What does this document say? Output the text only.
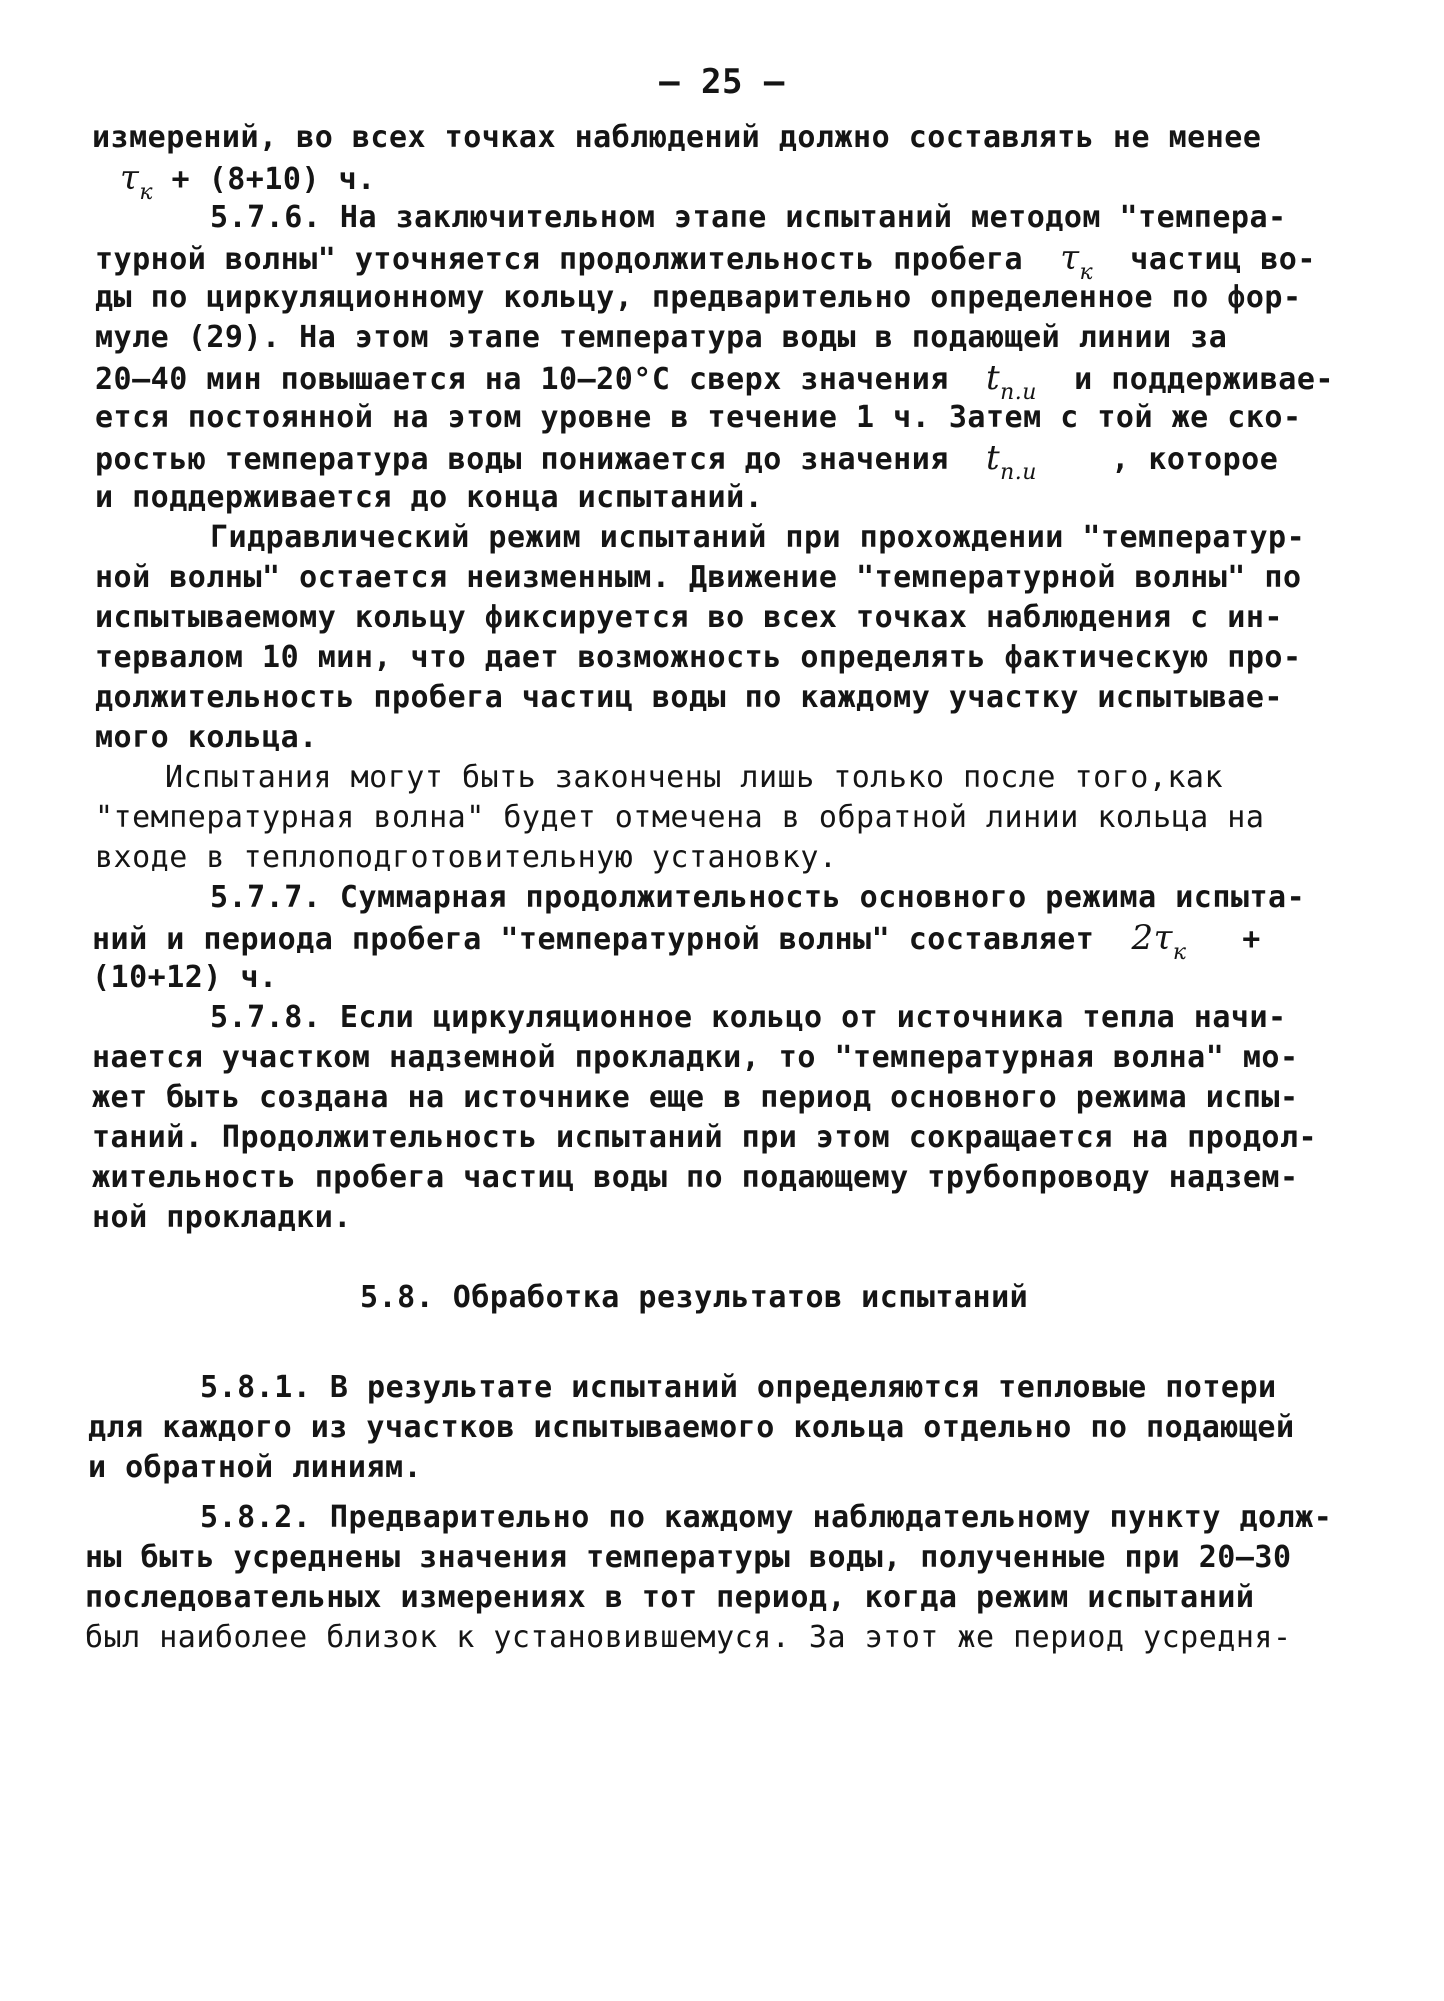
– 25 –
измерений, во всех точках наблюдений должно составлять не менее
$\tau_к + (8+10)$ ч.
5.7.6. На заключительном этапе испытаний методом "темпера-
турной волны" уточняется продолжительность пробега $\tau_к$ частиц во-
ды по циркуляционному кольцу, предварительно определенное по фор-
муле (29). На этом этапе температура воды в подающей линии за
20–40 мин повышается на 10–20°С сверх значения $t_{п.и}$ и поддерживае-
ется постоянной на этом уровне в течение 1 ч. Затем с той же ско-
ростью температура воды понижается до значения $t_{п.и}$ , которое
и поддерживается до конца испытаний.
Гидравлический режим испытаний при прохождении "температур-
ной волны" остается неизменным. Движение "температурной волны" по
испытываемому кольцу фиксируется во всех точках наблюдения с ин-
тервалом 10 мин, что дает возможность определять фактическую про-
должительность пробега частиц воды по каждому участку испытывае-
мого кольца.
Испытания могут быть закончены лишь только после того,как
"температурная волна" будет отмечена в обратной линии кольца на
входе в теплоподготовительную установку.
5.7.7. Суммарная продолжительность основного режима испыта-
ний и периода пробега "температурной волны" составляет $2\tau_к$ +
(10+12) ч.
5.7.8. Если циркуляционное кольцо от источника тепла начи-
нается участком надземной прокладки, то "температурная волна" мо-
жет быть создана на источнике еще в период основного режима испы-
таний. Продолжительность испытаний при этом сокращается на продол-
жительность пробега частиц воды по подающему трубопроводу надзем-
ной прокладки.
5.8. Обработка результатов испытаний
5.8.1. В результате испытаний определяются тепловые потери
для каждого из участков испытываемого кольца отдельно по подающей
и обратной линиям.
5.8.2. Предварительно по каждому наблюдательному пункту долж-
ны быть усреднены значения температуры воды, полученные при 20–30
последовательных измерениях в тот период, когда режим испытаний
был наиболее близок к установившемуся. За этот же период усредня-
